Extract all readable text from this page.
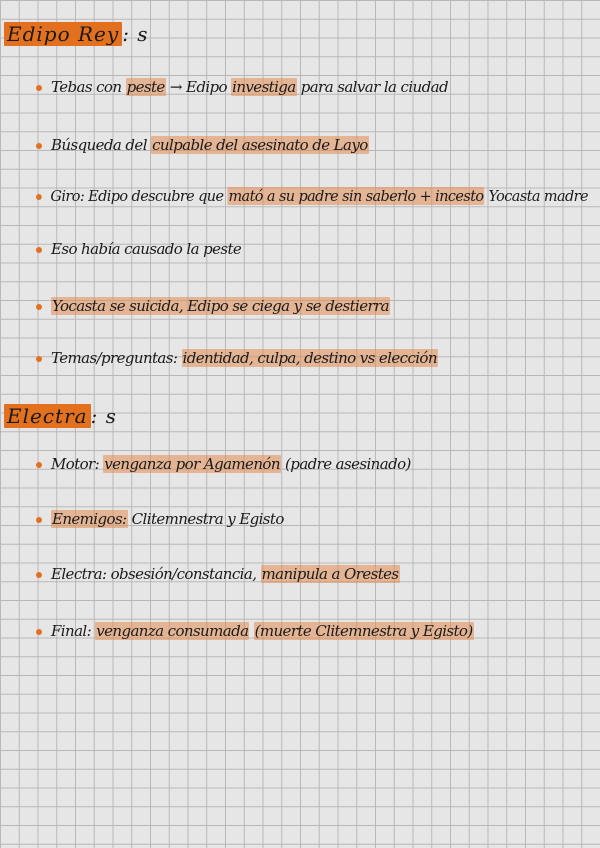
Edipo Rey : s
Tebas con peste → Edipo investiga para salvar la ciudad
Búsqueda del culpable del asesinato de Layo
Giro: Edipo descubre que mató a su padre sin saberlo + incesto Yocasta madre
Eso había causado la peste
Yocasta se suicida, Edipo se ciega y se destierra
Temas/preguntas: identidad, culpa, destino vs elección
Electra : s
Motor: venganza por Agamenón (padre asesinado)
Enemigos: Clitemnestra y Egisto
Electra: obsesión/constancia, manipula a Orestes
Final: venganza consumada (muerte Clitemnestra y Egisto)
